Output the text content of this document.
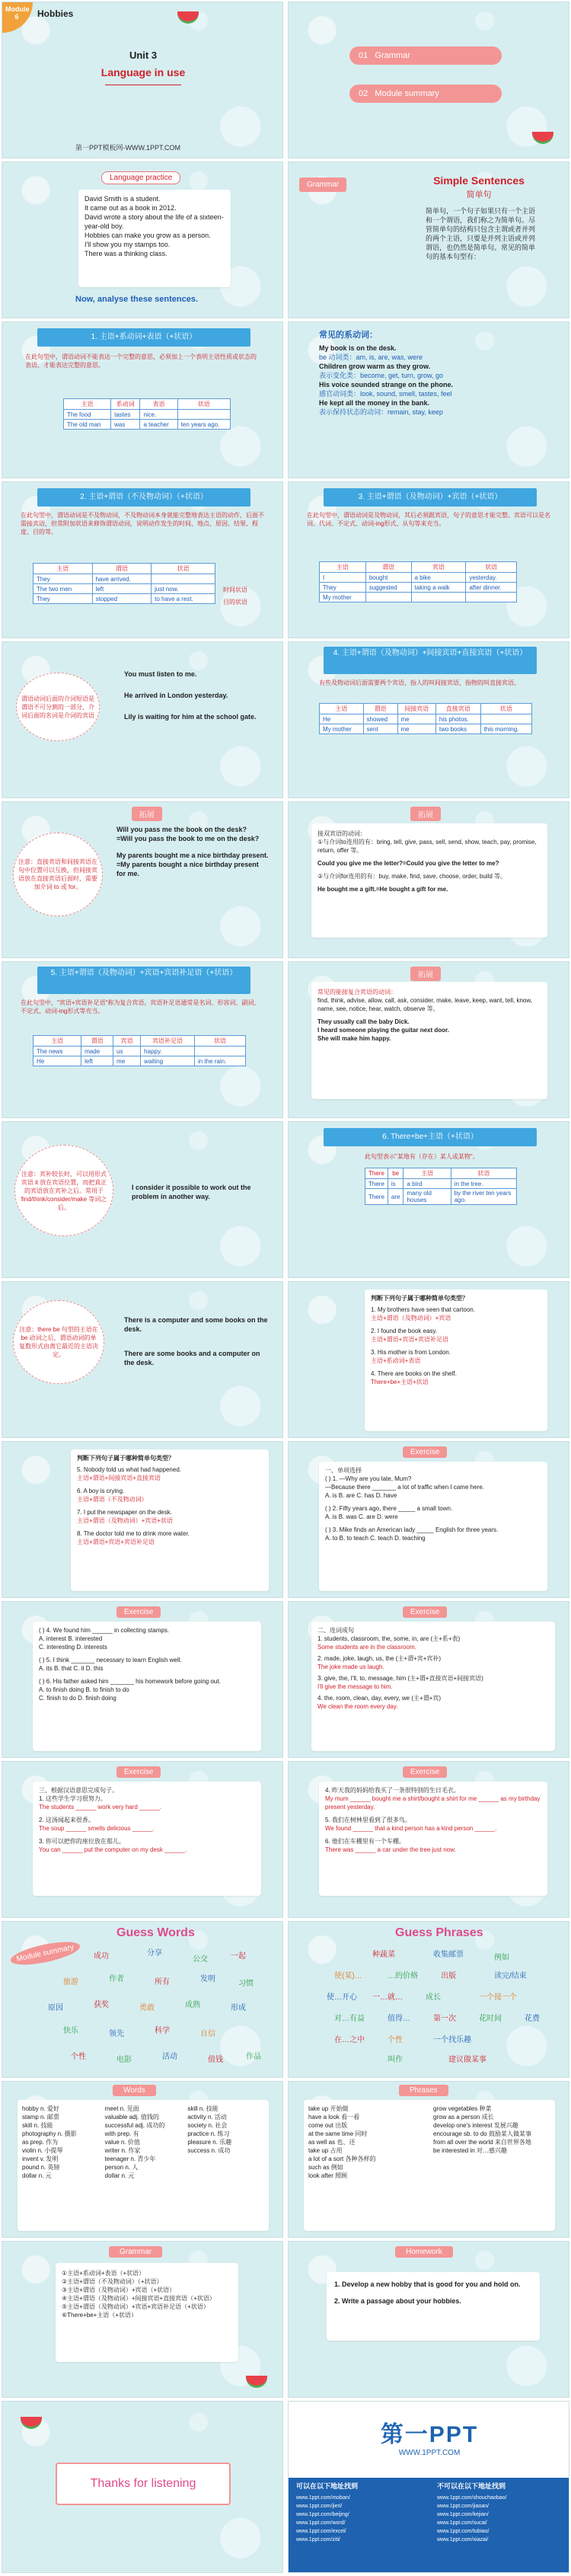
Module 6	Hobbies
Unit 3
Language in use
第一PPT模板网-WWW.1PPT.COM
01 Grammar
02 Module summary
Language practice
David Smith is a student.
It came out as a book in 2012.
David wrote a story about the life of a sixteen-year-old boy.
Hobbies can make you grow as a person.
I'll show you my stamps too.
There was a thinking class.
Now, analyse these sentences.
Grammar	Simple Sentences
简单句
简单句，一个句子如果只有一个主语和一个谓语，我们称之为简单句。尽管简单句的结构只包含主谓或者并列的两个主语，只要是并列主语或并列谓语，也仍然是简单句。常见的简单句的基本句型有：
1. 主语+系动词+表语（+状语）
在此句型中，谓语动词不能表达一个完整的意思，必须加上一个表明主语性质或状态的表语，才能表达完整的意思。
主语	系动词	表语	状语
The food	tastes	nice.	
The old man	was	a teacher	ten years ago.
常见的系动词：
My book is on the desk.
be 动词类：am, is, are, was, were
Children grow warm as they grow.
表示变化类：become, get, turn, grow, go
His voice sounded strange on the phone.
感官动词类：look, sound, smell, tastes, feel
He kept all the money in the bank.
表示保持状态的动词：remain, stay, keep
2. 主语+谓语（不及物动词）（+状语）
在此句型中，谓语动词是不及物动词，不及物动词本身就能完整地表达主语的动作，后面不需接宾语，但常附加状语来修饰谓语动词，说明动作发生的时间、地点、原因、结果、程度、目的等。
主语	谓语	状语
They	have arrived.	
The two men	left	just now.
They	stopped	to have a rest.
时间状语
目的状语
3. 主语+谓语（及物动词）+宾语（+状语）
在此句型中，谓语动词是及物动词，其后必须跟宾语，句子的意思才能完整。宾语可以是名词、代词、不定式、动词-ing形式、从句等来充当。
主语	谓语	宾语	状语
I	bought	a bike	yesterday.
They	suggested	taking a walk	after dinner.
My mother			
谓语动词后面的介词短语是谓语不可分割的一部分，介词后面的名词是介词的宾语
You must listen to me.
He arrived in London yesterday.
Lily is waiting for him at the school gate.
4. 主语+谓语（及物动词）+间接宾语+直接宾语（+状语）
有些及物动词后面需要两个宾语，指人的叫间接宾语，指物的叫直接宾语。
主语	谓语	间接宾语	直接宾语	状语
He	showed	me	his photos.	
My mother	sent	me	two books	this morning.
拓展
注意：直接宾语和间接宾语在句中位置可以互换，但间接宾语放在直接宾语后面时，需要加介词 to 或 for。
Will you pass me the book on the desk?
=Will you pass the book to me on the desk?
My parents bought me a nice birthday present.
=My parents bought a nice birthday present for me.
拓展
接双宾语的动词：
①与介词to连用的有：bring, tell, give, pass, sell, send, show, teach, pay, promise, return, offer 等。
Could you give me the letter?=Could you give the letter to me?
②与介词for连用的有：buy, make, find, save, choose, order, build 等。
He bought me a gift.=He bought a gift for me.
5. 主语+谓语（及物动词）+宾语+宾语补足语（+状语）
在此句型中，"宾语+宾语补足语"称为复合宾语。宾语补足语通常是名词、形容词、副词、不定式、动词-ing形式等充当。
主语	谓语	宾语	宾语补足语	状语
The news	made	us	happy.	
He	left	me	waiting	in the rain.
拓展
常见的能接复合宾语的动词：
find, think, advise, allow, call, ask, consider, make, leave, keep, want, tell, know, name, see, notice, hear, watch, observe 等。
They usually call the baby Dick.
I heard someone playing the guitar next door.
She will make him happy.
注意：宾补较长时，可以用形式宾语 it 放在宾语位置，而把真正的宾语放在宾补之后。常用于 find/think/consider/make 等词之后。
I consider it possible to work out the problem in another way.
6. There+be+主语（+状语）
此句型表示"某地有（存在）某人或某物"。
There	be	主语	状语
There	is	a bird	in the tree.
There	are	many old houses	by the river ten years ago.
注意：there be 句型的主语在 be 动词之后，谓语动词的单复数形式由离它最近的主语决定。
There is a computer and some books on the desk.
There are some books and a computer on the desk.
判断下列句子属于哪种简单句类型？
1. My brothers have seen that cartoon.
主语+谓语（及物动词）+宾语
2. I found the book easy.
主语+谓语+宾语+宾语补足语
3. His mother is from London.
主语+系动词+表语
4. There are books on the shelf.
There+be+主语+状语
判断下列句子属于哪种简单句类型？
5. Nobody told us what had happened.
主语+谓语+间接宾语+直接宾语
6. A boy is crying.
主语+谓语（不及物动词）
7. I put the newspaper on the desk.
主语+谓语（及物动词）+宾语+状语
8. The doctor told me to drink more water.
主语+谓语+宾语+宾语补足语
Exercise
一、单项选择
( ) 1. —Why are you late, Mum?
—Because there _______ a lot of traffic when I came here.
A. is B. are C. has D. have
( ) 2. Fifty years ago, there _____ a small town.
A. is B. was C. are D. were
( ) 3. Mike finds an American lady _____ English for three years.
A. to B. to teach C. teach D. teaching
Exercise
( ) 4. We found him ______ in collecting stamps.
A. interest B. interested
C. interesting D. interests
( ) 5. I think _______ necessary to learn English well.
A. its B. that C. it D. this
( ) 6. His father asked him _______ his homework before going out.
A. to finish doing B. to finish to do
C. finish to do D. finish doing
Exercise
二、连词成句
1. students, classroom, the, some, in, are (主+系+表)
Some students are in the classroom.
2. made, joke, laugh, us, the (主+谓+宾+宾补)
The joke made us laugh.
3. give, the, I'll, to, message, him (主+谓+直接宾语+间接宾语)
I'll give the message to him.
4. the, room, clean, day, every, we (主+谓+宾)
We clean the room every day.
Exercise
三、根据汉语意思完成句子。
1. 这些学生学习很努力。
The students ______ work very hard ______.
2. 这汤闻起来很香。
The soup ______ smells delicious ______.
3. 你可以把你的座位放在那儿。
You can ______ put the computer on my desk ______.
Exercise
4. 昨天我的妈妈给我买了一条很特别的生日毛衣。
My mum ______ bought me a shirt/bought a shirt for me ______ as my birthday present yesterday.
5. 我们在树林里看到了很多鸟。
We found ______ that a kind person has a kind person ______.
6. 他们在车棚里有一个车棚。
There was ______ a car under the tree just now.
Module summary
Guess Words
成功	分享
公交	一起
旅游	作者	所有	发明
习惯
原因	获奖	勇敢	成熟	形成
快乐	领先	科学	自信
个性	电影	活动	值钱	作品
Guess Phrases
种蔬菜	收集邮票	例如
使(某)…	…的价格	出版	读完/结束
使…开心 一…就…	成长	一个接一个
对…有益	值得…	第一次	花时间	花费
在…之中	个性	一个找乐趣
叫作	建议做某事
Words
hobby n. 爱好
stamp n. 邮票
skill n. 技能
photography n. 摄影
as prep. 作为
violin n. 小提琴
invent v. 发明
pound n. 英镑
dollar n. 元
meet n. 见面
valuable adj. 值钱的
successful adj. 成功的
with prep. 有
value n. 价值
writer n. 作家
teenager n. 青少年
person n. 人
dollar n. 元
skill n. 技能
activity n. 活动
society n. 社会
practice n. 练习
pleasure n. 乐趣
success n. 成功
Phrases
take up 开始做
have a look 看一看
come out 出版
at the same time 同时
as well as 也、还
take up 占用
a lot of a sort 各种各样的
such as 例如
look after 照顾
grow vegetables 种菜
grow as a person 成长
develop one's interest 发展兴趣
encourage sb. to do 鼓励某人做某事
from all over the world 来自世界各地
be interested in 对…感兴趣
Grammar
①主语+系动词+表语（+状语）
②主语+谓语（不及物动词）（+状语）
③主语+谓语（及物动词）+宾语（+状语）
④主语+谓语（及物动词）+间接宾语+直接宾语（+状语）
⑤主语+谓语（及物动词）+宾语+宾语补足语（+状语）
⑥There+be+主语（+状语）
Homework
1. Develop a new hobby that is good for you and hold on.
2. Write a passage about your hobbies.
Thanks for listening
第一PPT
WWW.1PPT.COM
可以在以下地址找到
www.1ppt.com/moban/
www.1ppt.com/jieri/
www.1ppt.com/beijing/
www.1ppt.com/word/
www.1ppt.com/excel/
www.1ppt.com/ziti/
不可以在以下地址找到
www.1ppt.com/shouchaobao/
www.1ppt.com/jiaoan/
www.1ppt.com/kejian/
www.1ppt.com/sucai/
www.1ppt.com/tubiao/
www.1ppt.com/xiazai/
